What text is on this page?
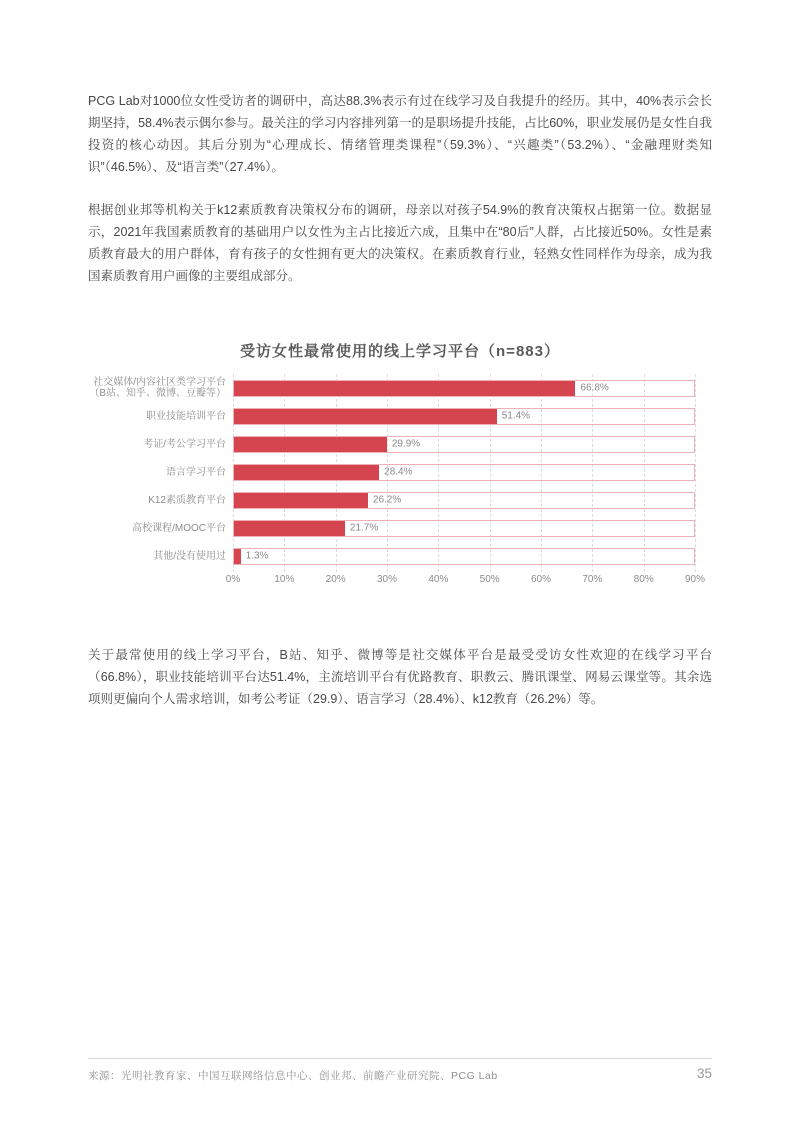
PCG Lab对1000位女性受访者的调研中，高达88.3%表示有过在线学习及自我提升的经历。其中，40%表示会长期坚持，58.4%表示偶尔参与。最关注的学习内容排列第一的是职场提升技能，占比60%，职业发展仍是女性自我投资的核心动因。其后分别为“心理成长、情绪管理类课程”（59.3%）、“兴趣类”（53.2%）、“金融理财类知识”（46.5%）、及“语言类”（27.4%）。

根据创业邦等机构关于k12素质教育决策权分布的调研，母亲以对孩子54.9%的教育决策权占据第一位。数据显示，2021年我国素质教育的基础用户以女性为主占比接近六成，且集中在“80后”人群，占比接近50%。女性是素质教育最大的用户群体，育有孩子的女性拥有更大的决策权。在素质教育行业，轻熟女性同样作为母亲，成为我国素质教育用户画像的主要组成部分。

受访女性最常使用的线上学习平台（n=883）
社交媒体/内容社区类学习平台
（B站、知乎、微博、豆瓣等）	66.8%
职业技能培训平台	51.4%
考证/考公学习平台	29.9%
语言学习平台	28.4%
K12素质教育平台	26.2%
高校课程/MOOC平台	21.7%
其他/没有使用过 1.3%
0%	10%	20%	30%	40%	50%	60%	70%	80%	90%

关于最常使用的线上学习平台，B站、知乎、微博等是社交媒体平台是最受受访女性欢迎的在线学习平台（66.8%），职业技能培训平台达51.4%，主流培训平台有优路教育、职教云、腾讯课堂、网易云课堂等。其余选项则更偏向个人需求培训，如考公考证（29.9）、语言学习（28.4%）、k12教育（26.2%）等。

来源：光明社教育家、中国互联网络信息中心、创业邦、前瞻产业研究院、PCG Lab	35
